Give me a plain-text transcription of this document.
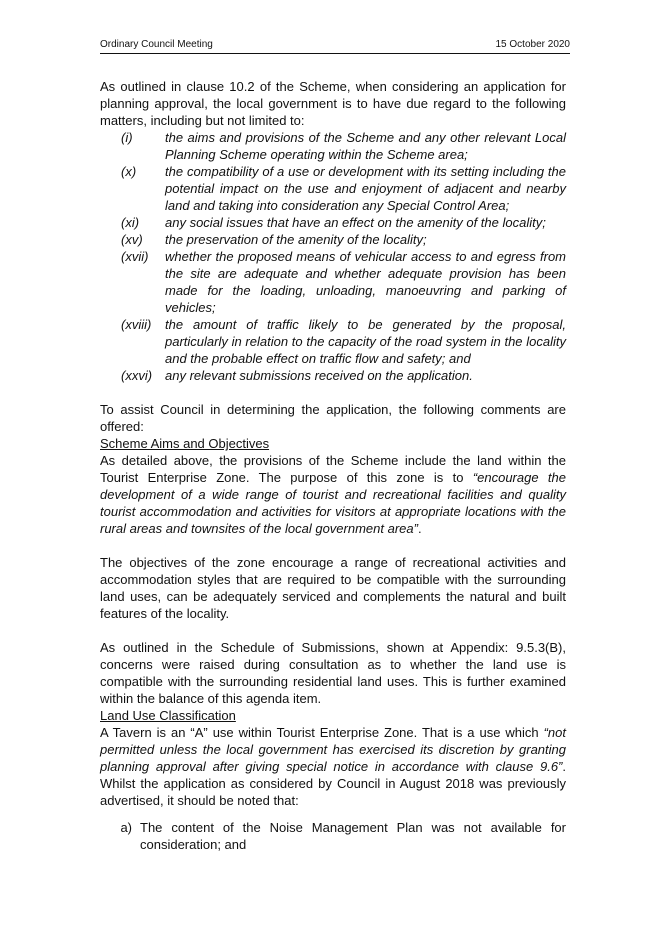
Ordinary Council Meeting	15 October 2020

As outlined in clause 10.2 of the Scheme, when considering an application for planning approval, the local government is to have due regard to the following matters, including but not limited to:

(i)	the aims and provisions of the Scheme and any other relevant Local Planning Scheme operating within the Scheme area;
(x)	the compatibility of a use or development with its setting including the potential impact on the use and enjoyment of adjacent and nearby land and taking into consideration any Special Control Area;
(xi)	any social issues that have an effect on the amenity of the locality;
(xv)	the preservation of the amenity of the locality;
(xvii)	whether the proposed means of vehicular access to and egress from the site are adequate and whether adequate provision has been made for the loading, unloading, manoeuvring and parking of vehicles;
(xviii)	the amount of traffic likely to be generated by the proposal, particularly in relation to the capacity of the road system in the locality and the probable effect on traffic flow and safety; and
(xxvi) any relevant submissions received on the application.

To assist Council in determining the application, the following comments are offered:

Scheme Aims and Objectives

As detailed above, the provisions of the Scheme include the land within the Tourist Enterprise Zone. The purpose of this zone is to “encourage the development of a wide range of tourist and recreational facilities and quality tourist accommodation and activities for visitors at appropriate locations with the rural areas and townsites of the local government area”.

The objectives of the zone encourage a range of recreational activities and accommodation styles that are required to be compatible with the surrounding land uses, can be adequately serviced and complements the natural and built features of the locality.

As outlined in the Schedule of Submissions, shown at Appendix: 9.5.3(B), concerns were raised during consultation as to whether the land use is compatible with the surrounding residential land uses. This is further examined within the balance of this agenda item.

Land Use Classification

A Tavern is an “A” use within Tourist Enterprise Zone. That is a use which “not permitted unless the local government has exercised its discretion by granting planning approval after giving special notice in accordance with clause 9.6”. Whilst the application as considered by Council in August 2018 was previously advertised, it should be noted that:

a) The content of the Noise Management Plan was not available for consideration; and
